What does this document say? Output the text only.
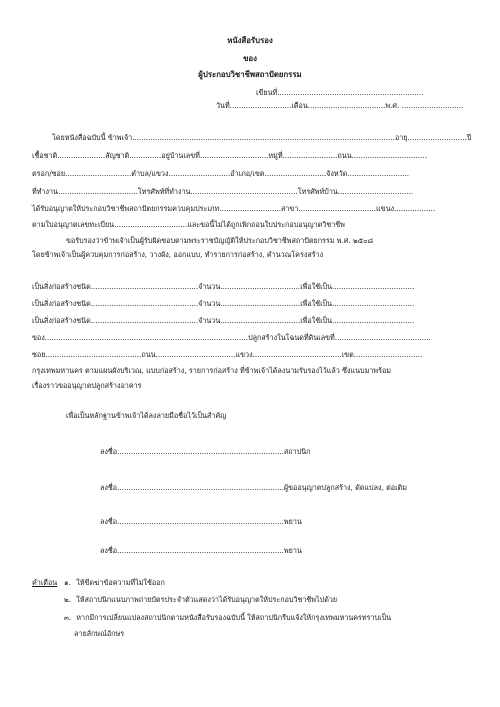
หนังสือรับรอง
ของ
ผู้ประกอบวิชาชีพสถาปัตยกรรม
เขียนที่................................................................
วันที่...........................เดือน..................................พ.ศ. ...........................
โดยหนังสือฉบับนี้ ข้าพเจ้า...................................................................................................................อายุ..........................ปี
เชื้อชาติ.....................สัญชาติ..............อยู่บ้านเลขที่..............................หมู่ที่........................ถนน.................................
ตรอก/ซอย.............................ตำบล/แขวง...........................อำเภอ/เขต...........................จังหวัด...........................
ที่ทำงาน...................................โทรศัพท์ที่ทำงาน...............................................โทรศัพท์บ้าน.................................
ได้รับอนุญาตให้ประกอบวิชาชีพสถาปัตยกรรมควบคุมประเภท...........................สาขา..................................แขนง..................
ตามใบอนุญาตเลขทะเบียน................................และขอนี้ไม่ได้ถูกเพิกถอนใบประกอบอนุญาตวิชาชีพ
ขอรับรองว่าข้าพเจ้าเป็นผู้รับผิดชอบตามพระราชบัญญัติให้ประกอบวิชาชีพสถาปัตยกรรม พ.ศ. ๒๕๐๘
โดยข้าพเจ้าเป็นผู้ควบคุมการก่อสร้าง, วางผัง, ออกแบบ, ทำรายการก่อสร้าง, คำนวณโครงสร้าง
เป็นสิ่งก่อสร้างชนิด...............................................จำนวน...................................เพื่อใช้เป็น....................................
เป็นสิ่งก่อสร้างชนิด...............................................จำนวน...................................เพื่อใช้เป็น....................................
เป็นสิ่งก่อสร้างชนิด...............................................จำนวน...................................เพื่อใช้เป็น....................................
ของ.........................................................................................ปลูกสร้างในโฉนดที่ดินเลขที่..........................................
ซอย..........................................ถนน...................................แขวง.......................................เขต..............................
กรุงเทพมหานคร ตามแผนผังบริเวณ, แบบก่อสร้าง, รายการก่อสร้าง ที่ข้าพเจ้าได้ลงนามรับรองไว้แล้ว ซึ่งแนบมาพร้อม
เรื่องราวขออนุญาตปลูกสร้างอาคาร
เพื่อเป็นหลักฐานข้าพเจ้าได้ลงลายมือชื่อไว้เป็นสำคัญ
ลงชื่อ.........................................................................สถาปนิก
ลงชื่อ.........................................................................ผู้ขออนุญาตปลูกสร้าง, ดัดแปลง, ต่อเติม
ลงชื่อ.........................................................................พยาน
ลงชื่อ.........................................................................พยาน
คำเตือน ๑. ให้ขีดฆ่าข้อความที่ไม่ใช้ออก
๒. ให้สถาปนิกแนบภาพถ่ายบัตรประจำตัวแสดงว่าได้รับอนุญาตให้ประกอบวิชาชีพไปด้วย
๓. หากมีการเปลี่ยนแปลงสถาปนิกตามหนังสือรับรองฉบับนี้ ให้สถาปนิกรีบแจ้งให้กรุงเทพมหานครทราบเป็น
ลายลักษณ์อักษร
